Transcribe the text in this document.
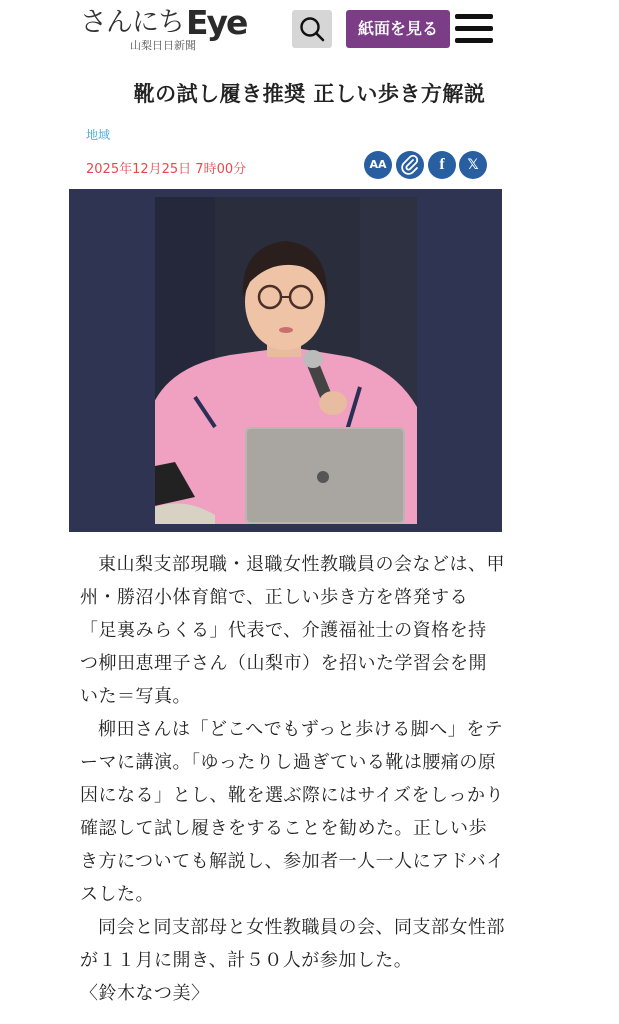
さんにち Eye
山梨日日新聞
紙面を見る
靴の試し履き推奨 正しい歩き方解説
地域
2025年12月25日 7時00分	AA	f	𝕏

東山梨支部現職・退職女性教職員の会などは、甲州・勝沼小体育館で、正しい歩き方を啓発する「足裏みらくる」代表で、介護福祉士の資格を持つ柳田恵理子さん（山梨市）を招いた学習会を開いた＝写真。

柳田さんは「どこへでもずっと歩ける脚へ」をテーマに講演。「ゆったりし過ぎている靴は腰痛の原因になる」とし、靴を選ぶ際にはサイズをしっかり確認して試し履きをすることを勧めた。正しい歩き方についても解説し、参加者一人一人にアドバイスした。

同会と同支部母と女性教職員の会、同支部女性部が１１月に開き、計５０人が参加した。

〈鈴木なつ美〉
